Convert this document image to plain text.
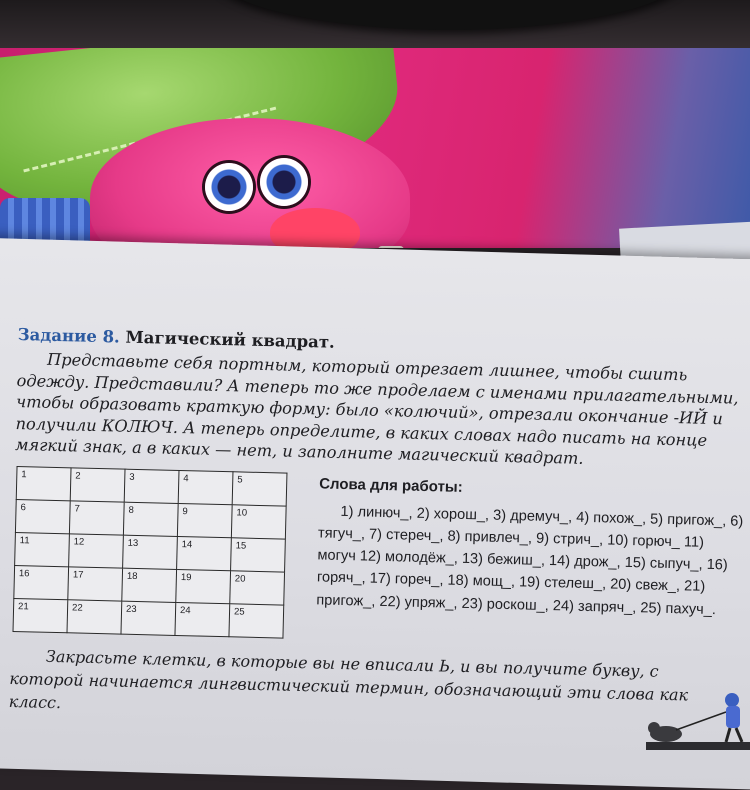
Задание 8. Магический квадрат.

Представьте себя портным, который отрезает лишнее, чтобы сшить одежду. Представили? А теперь то же проделаем с именами прилагательными, чтобы образовать краткую форму: было «колючий», отрезали окончание -ИЙ и получили КОЛЮЧ. А теперь определите, в каких словах надо писать на конце мягкий знак, а в каких — нет, и заполните магический квадрат.

1	2	3	4	5
6	7	8	9	10
11	12	13	14	15
16	17	18	19	20
21	22	23	24	25

Слова для работы:

1) линюч_, 2) хорош_, 3) дремуч_, 4) похож_, 5) пригож_, 6) тягуч_, 7) стереч_, 8) привлеч_, 9) стрич_, 10) горюч_ 11) могуч 12) молодёж_, 13) бежиш_, 14) дрож_, 15) сыпуч_, 16) горяч_, 17) гореч_, 18) мощ_, 19) стелеш_, 20) свеж_, 21) пригож_, 22) упряж_, 23) роскош_, 24) запряч_, 25) пахуч_.

Закрасьте клетки, в которые вы не вписали Ь, и вы получите букву, с которой начинается лингвистический термин, обозначающий эти слова как класс.
